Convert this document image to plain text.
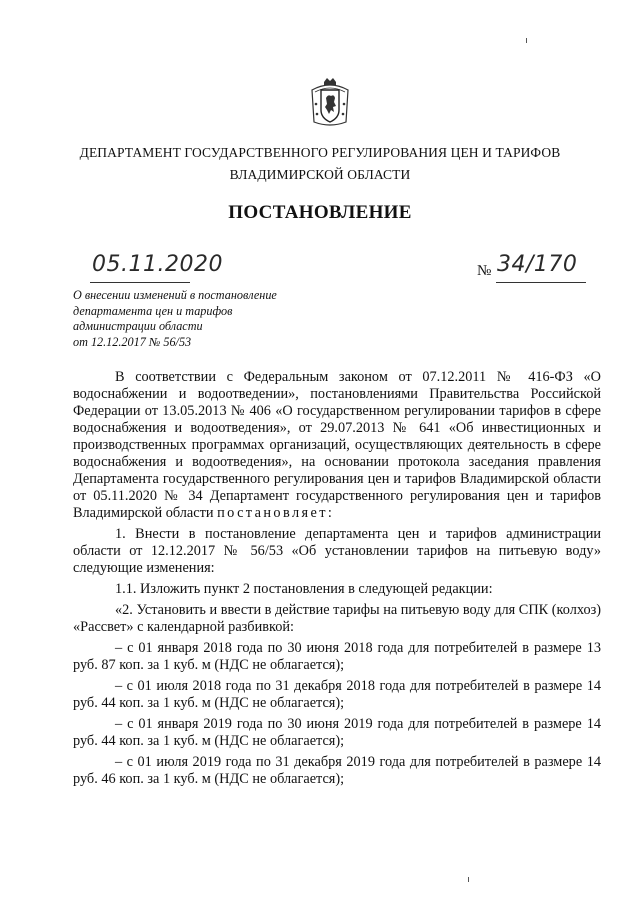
ДЕПАРТАМЕНТ ГОСУДАРСТВЕННОГО РЕГУЛИРОВАНИЯ ЦЕН И ТАРИФОВ
ВЛАДИМИРСКОЙ ОБЛАСТИ
ПОСТАНОВЛЕНИЕ
05.11.2020	№ 34/170
О внесении изменений в постановление
департамента цен и тарифов
администрации области
от 12.12.2017 № 56/53

В соответствии с Федеральным законом от 07.12.2011 № 416-ФЗ «О водоснабжении и водоотведении», постановлениями Правительства Российской Федерации от 13.05.2013 № 406 «О государственном регулировании тарифов в сфере водоснабжения и водоотведения», от 29.07.2013 № 641 «Об инвестиционных и производственных программах организаций, осуществляющих деятельность в сфере водоснабжения и водоотведения», на основании протокола заседания правления Департамента государственного регулирования цен и тарифов Владимирской области от 05.11.2020 № 34 Департамент государственного регулирования цен и тарифов Владимирской области постановляет:

1. Внести в постановление департамента цен и тарифов администрации области от 12.12.2017 № 56/53 «Об установлении тарифов на питьевую воду» следующие изменения:

1.1. Изложить пункт 2 постановления в следующей редакции:

«2. Установить и ввести в действие тарифы на питьевую воду для СПК (колхоз) «Рассвет» с календарной разбивкой:

– с 01 января 2018 года по 30 июня 2018 года для потребителей в размере 13 руб. 87 коп. за 1 куб. м (НДС не облагается);

– с 01 июля 2018 года по 31 декабря 2018 года для потребителей в размере 14 руб. 44 коп. за 1 куб. м (НДС не облагается);

– с 01 января 2019 года по 30 июня 2019 года для потребителей в размере 14 руб. 44 коп. за 1 куб. м (НДС не облагается);

– с 01 июля 2019 года по 31 декабря 2019 года для потребителей в размере 14 руб. 46 коп. за 1 куб. м (НДС не облагается);
